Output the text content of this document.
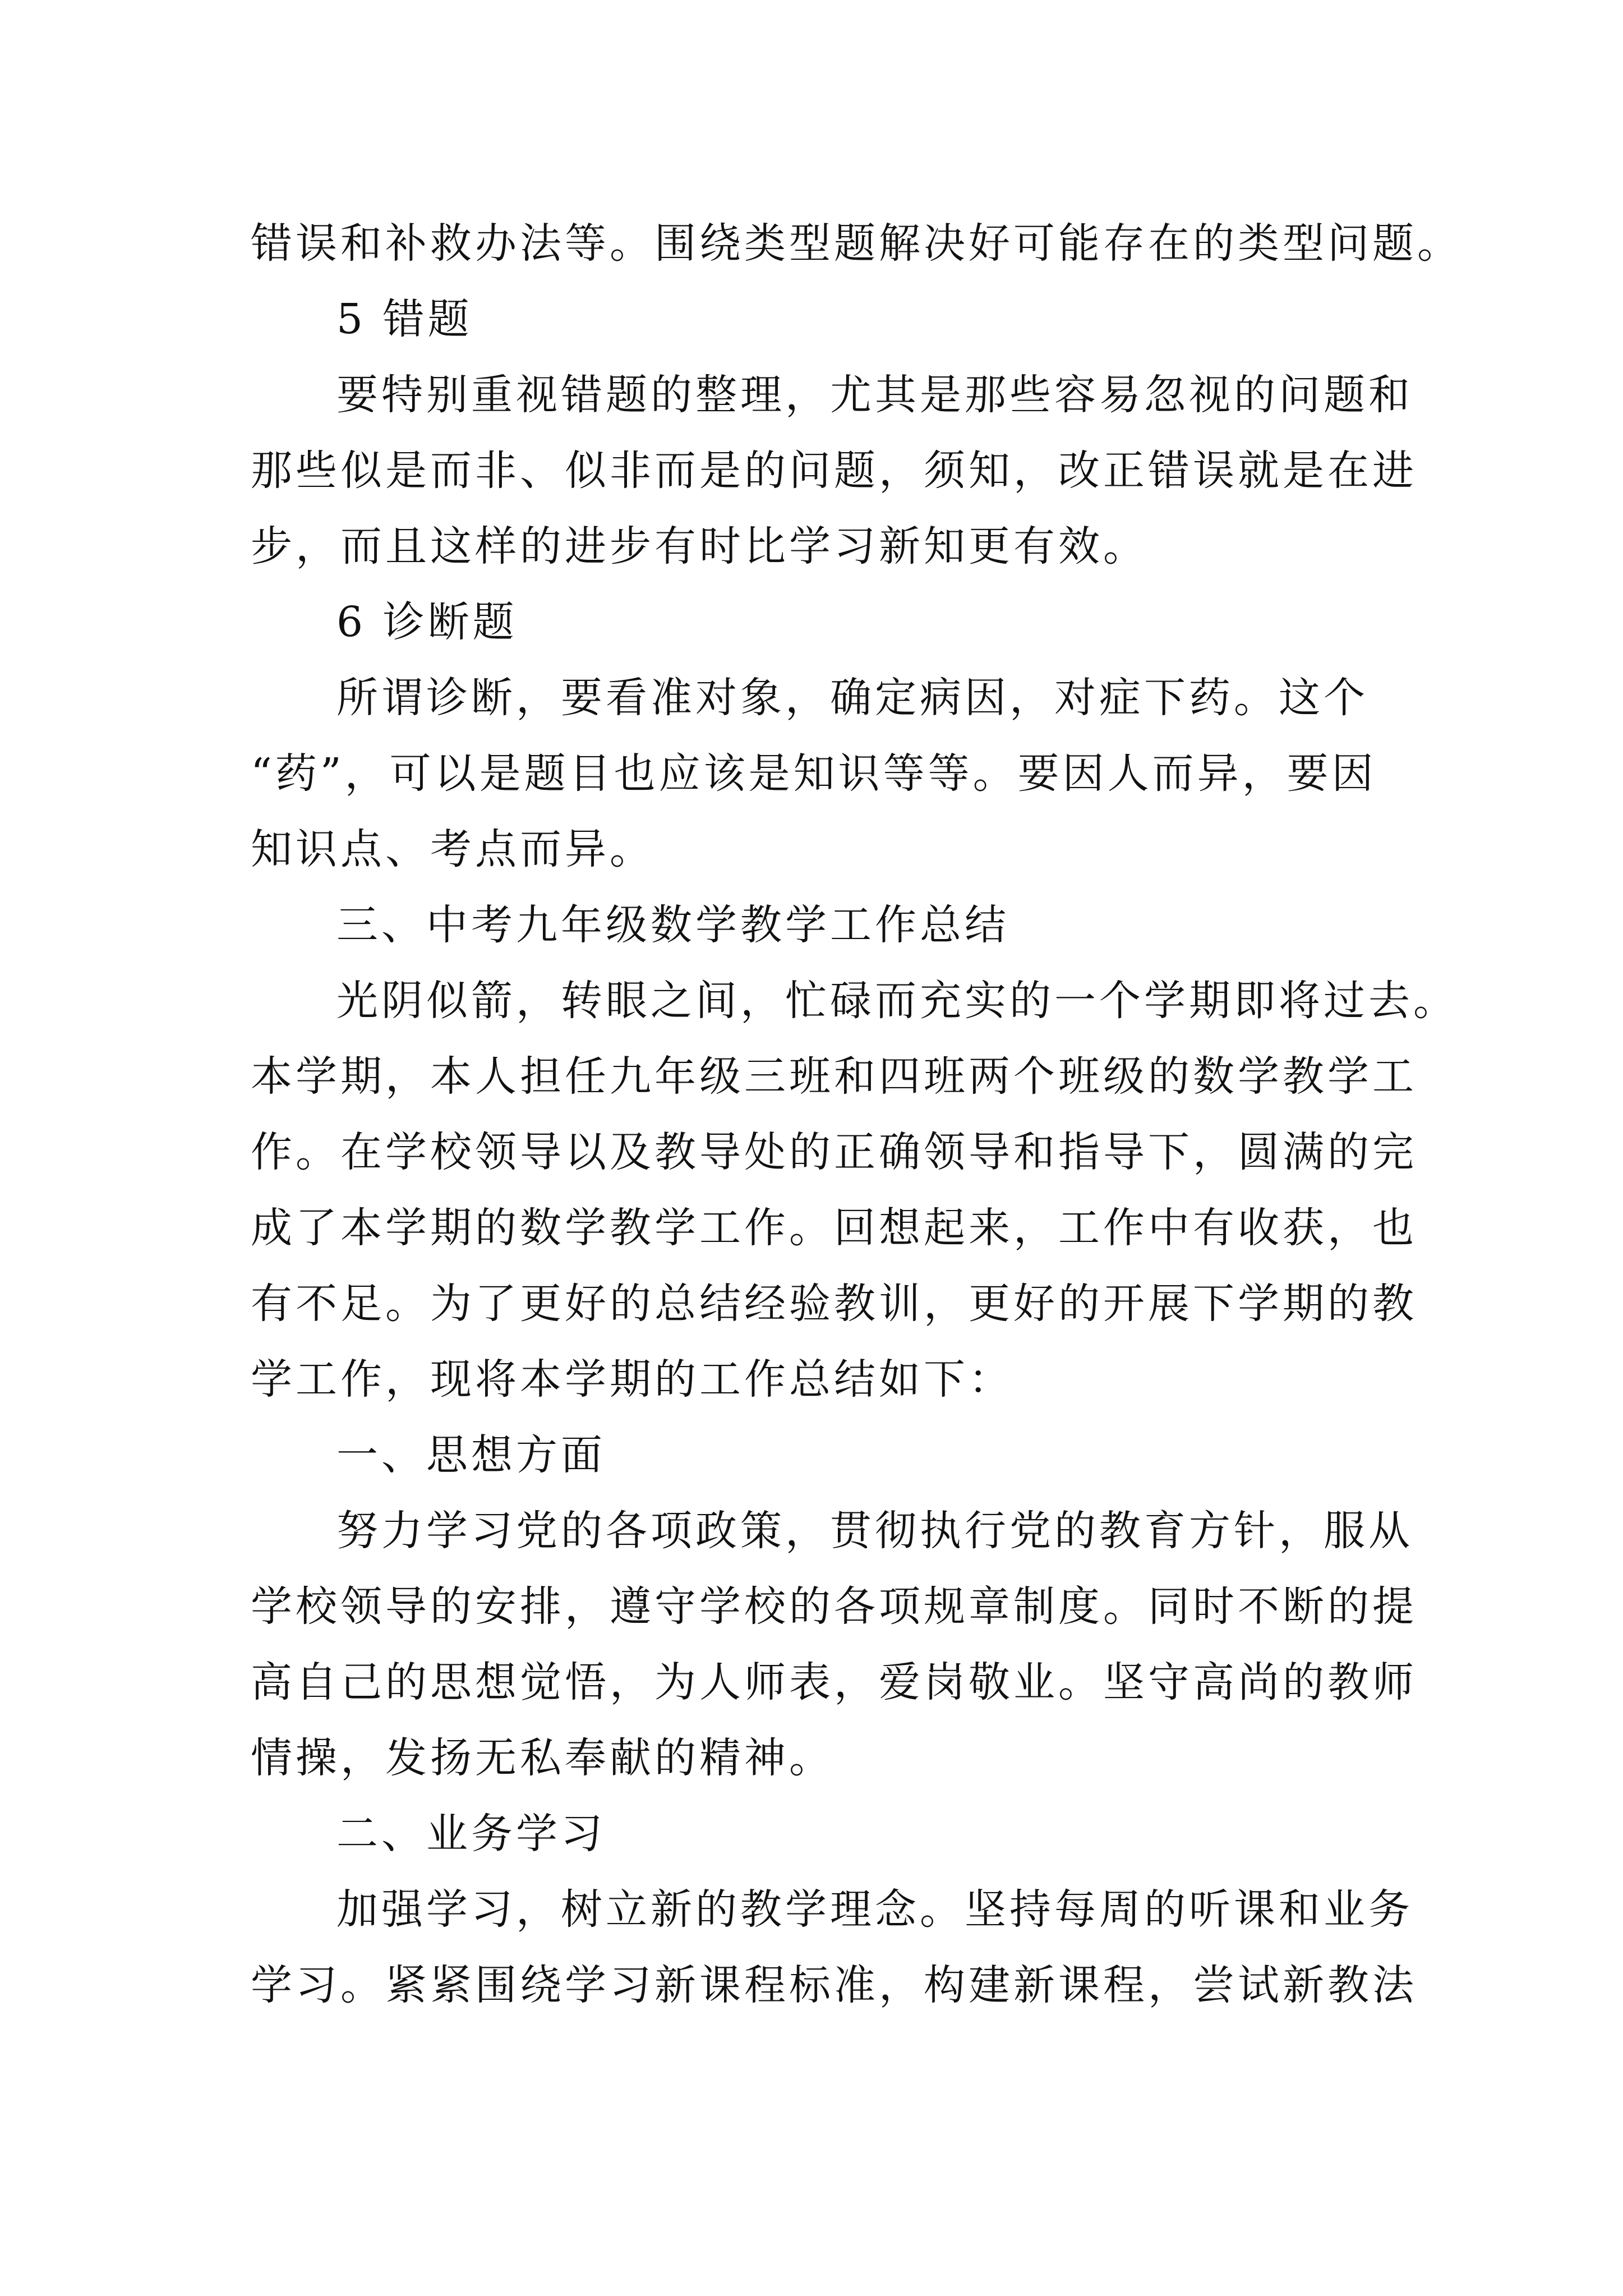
错误和补救办法等。围绕类型题解决好可能存在的类型问题。
5 错题
要特别重视错题的整理，尤其是那些容易忽视的问题和
那些似是而非、似非而是的问题，须知，改正错误就是在进
步，而且这样的进步有时比学习新知更有效。
6 诊断题
所谓诊断，要看准对象，确定病因，对症下药。这个
“药”，可以是题目也应该是知识等等。要因人而异，要因
知识点、考点而异。
三、中考九年级数学教学工作总结
光阴似箭，转眼之间，忙碌而充实的一个学期即将过去。
本学期，本人担任九年级三班和四班两个班级的数学教学工
作。在学校领导以及教导处的正确领导和指导下，圆满的完
成了本学期的数学教学工作。回想起来，工作中有收获，也
有不足。为了更好的总结经验教训，更好的开展下学期的教
学工作，现将本学期的工作总结如下：
一、思想方面
努力学习党的各项政策，贯彻执行党的教育方针，服从
学校领导的安排，遵守学校的各项规章制度。同时不断的提
高自己的思想觉悟，为人师表，爱岗敬业。坚守高尚的教师
情操，发扬无私奉献的精神。
二、业务学习
加强学习，树立新的教学理念。坚持每周的听课和业务
学习。紧紧围绕学习新课程标准，构建新课程，尝试新教法
